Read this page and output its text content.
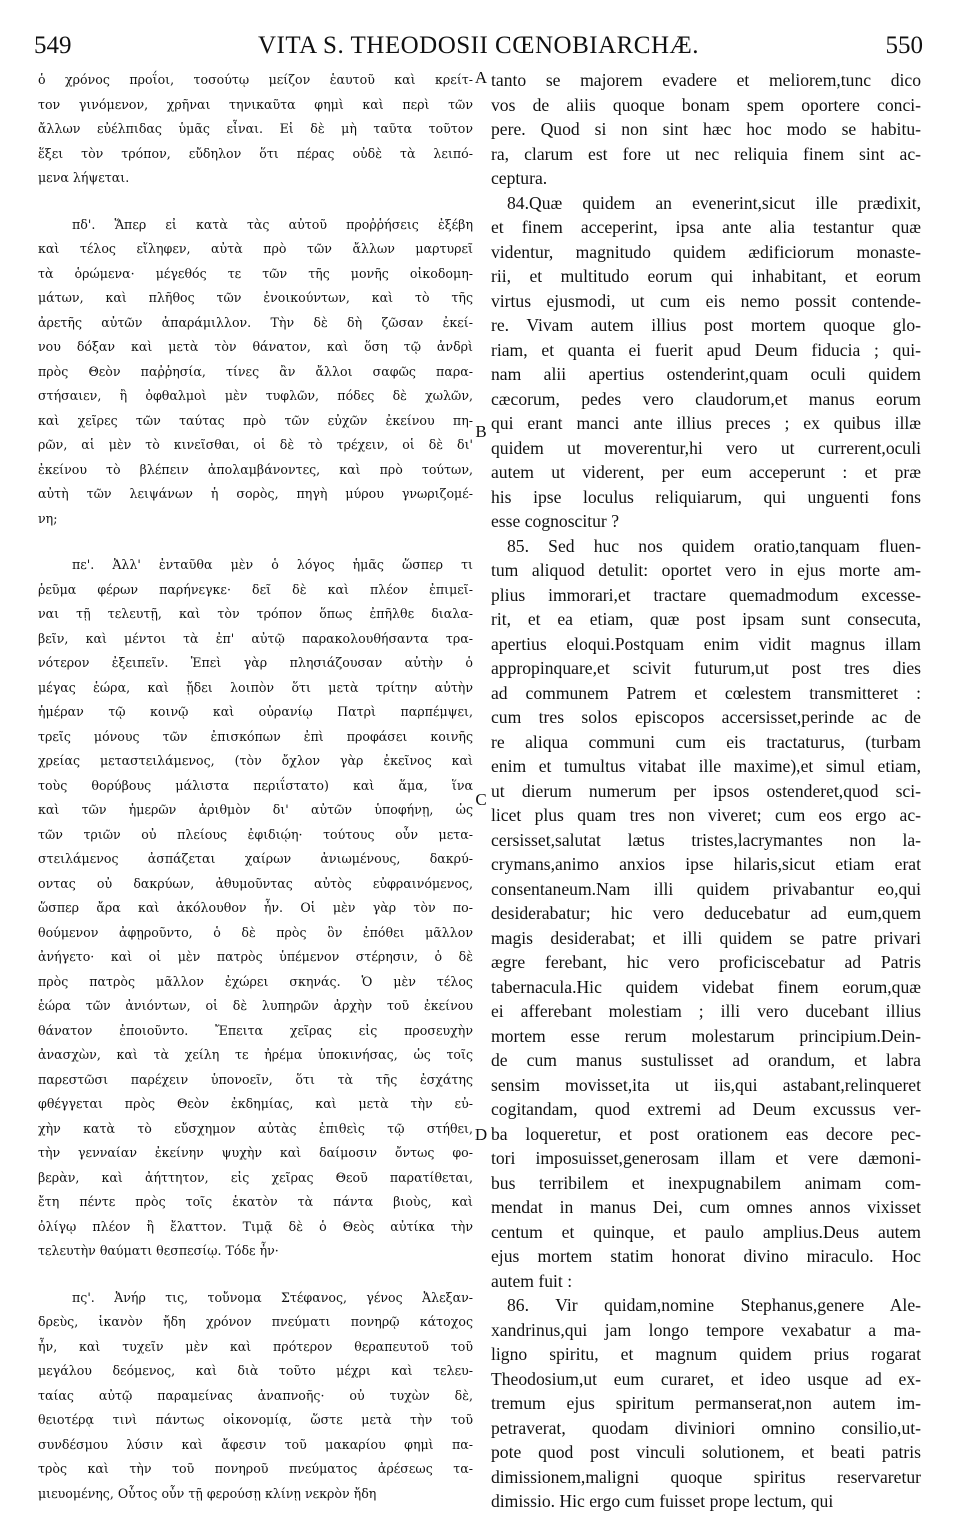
549	VITA S. THEODOSII CŒNOBIARCHÆ.	550
ὁ χρόνος προΐοι, τοσούτῳ μείζον ἑαυτοῦ καὶ κρείτ-
τον γινόμενον, χρῆναι τηνικαῦτα φημὶ καὶ περὶ τῶν
ἄλλων εὐέλπιδας ὑμᾶς εἶναι. Εἰ δὲ μὴ ταῦτα τοῦτον
ἕξει τὸν τρόπον, εὔδηλον ὅτι πέρας οὐδὲ τὰ λειπό-
μενα λήψεται.
πδ'. Ἅπερ εἰ κατὰ τὰς αὐτοῦ προῤῥήσεις ἐξέβη
καὶ τέλος εἴληφεν, αὐτὰ πρὸ τῶν ἄλλων μαρτυρεῖ
τὰ ὁρώμενα· μέγεθός τε τῶν τῆς μονῆς οἰκοδομη-
μάτων, καὶ πλῆθος τῶν ἐνοικούντων, καὶ τὸ τῆς
ἀρετῆς αὐτῶν ἀπαράμιλλον. Τὴν δὲ δὴ ζῶσαν ἐκεί-
νου δόξαν καὶ μετὰ τὸν θάνατον, καὶ ὅση τῷ ἀνδρὶ
πρὸς Θεὸν παῤῥησία, τίνες ἂν ἄλλοι σαφῶς παρα-
στήσαιεν, ἢ ὀφθαλμοὶ μὲν τυφλῶν, πόδες δὲ χωλῶν,
καὶ χεῖρες τῶν ταύτας πρὸ τῶν εὐχῶν ἐκείνου πη-
ρῶν, αἱ μὲν τὸ κινεῖσθαι, οἱ δὲ τὸ τρέχειν, οἱ δὲ δι'
ἐκείνου τὸ βλέπειν ἀπολαμβάνοντες, καὶ πρὸ τούτων,
αὐτὴ τῶν λειψάνων ἡ σορὸς, πηγὴ μύρου γνωριζομέ-
νη;
πε'. Ἀλλ' ἐνταῦθα μὲν ὁ λόγος ἡμᾶς ὥσπερ τι
ῥεῦμα φέρων παρήνεγκε· δεῖ δὲ καὶ πλέον ἐπιμεῖ-
ναι τῇ τελευτῇ, καὶ τὸν τρόπον ὅπως ἐπῆλθε διαλα-
βεῖν, καὶ μέντοι τὰ ἐπ' αὐτῷ παρακολουθήσαντα τρα-
νότερον ἐξειπεῖν. Ἐπεὶ γὰρ πλησιάζουσαν αὐτὴν ὁ
μέγας ἑώρα, καὶ ᾔδει λοιπὸν ὅτι μετὰ τρίτην αὐτὴν
ἡμέραν τῷ κοινῷ καὶ οὐρανίῳ Πατρὶ παρπέμψει,
τρεῖς μόνους τῶν ἐπισκόπων ἐπὶ προφάσει κοινῆς
χρείας μεταστειλάμενος, (τὸν ὄχλον γὰρ ἐκεῖνος καὶ
τοὺς θορύβους μάλιστα περιΐστατο) καὶ ἅμα, ἵνα
καὶ τῶν ἡμερῶν ἀριθμὸν δι' αὐτῶν ὑποφήνῃ, ὡς
τῶν τριῶν οὐ πλείους ἐφιδιῴη· τούτους οὖν μετα-
στειλάμενος ἀσπάζεται χαίρων ἀνιωμένους, δακρύ-
οντας οὐ δακρύων, ἀθυμοῦντας αὐτὸς εὐφραινόμενος,
ὥσπερ ἄρα καὶ ἀκόλουθον ἦν. Οἱ μὲν γὰρ τὸν πο-
θούμενον ἀφῃροῦντο, ὁ δὲ πρὸς ὃν ἐπόθει μᾶλλον
ἀνήγετο· καὶ οἱ μὲν πατρὸς ὑπέμενον στέρησιν, ὁ δὲ
πρὸς πατρὸς μᾶλλον ἐχώρει σκηνάς. Ὁ μὲν τέλος
ἑώρα τῶν ἀνιόντων, οἱ δὲ λυπηρῶν ἀρχὴν τοῦ ἐκείνου
θάνατον ἐποιοῦντο. Ἔπειτα χεῖρας εἰς προσευχὴν
ἀνασχὼν, καὶ τὰ χείλη τε ἠρέμα ὑποκινήσας, ὡς τοῖς
παρεστῶσι παρέχειν ὑπονοεῖν, ὅτι τὰ τῆς ἐσχάτης
φθέγγεται πρὸς Θεὸν ἐκδημίας, καὶ μετὰ τὴν εὐ-
χὴν κατὰ τὸ εὔσχημον αὐτὰς ἐπιθεὶς τῷ στήθει,
τὴν γενναίαν ἐκείνην ψυχὴν καὶ δαίμοσιν ὄντως φο-
βερὰν, καὶ ἀήττητον, εἰς χεῖρας Θεοῦ παρατίθεται,
ἔτη πέντε πρὸς τοῖς ἑκατὸν τὰ πάντα βιοὺς, καὶ
ὀλίγῳ πλέον ἢ ἔλαττον. Τιμᾷ δὲ ὁ Θεὸς αὐτίκα τὴν
τελευτὴν θαύματι θεσπεσίῳ. Τόδε ἦν·
πς'. Ἀνήρ τις, τοὔνομα Στέφανος, γένος Ἀλεξαν-
δρεὺς, ἱκανὸν ἤδη χρόνον πνεύματι πονηρῷ κάτοχος
ἦν, καὶ τυχεῖν μὲν καὶ πρότερον θεραπευτοῦ τοῦ
μεγάλου δεόμενος, καὶ διὰ τοῦτο μέχρι καὶ τελευ-
ταίας αὐτῷ παραμείνας ἀναπνοῆς· οὐ τυχὼν δὲ,
θειοτέρᾳ τινὶ πάντως οἰκονομίᾳ, ὥστε μετὰ τὴν τοῦ
συνδέσμου λύσιν καὶ ἄφεσιν τοῦ μακαρίου φημὶ πα-
τρὸς καὶ τὴν τοῦ πονηροῦ πνεύματος ἀρέσεως τα-
μιευομένης, Οὗτος οὖν τῇ φερούσῃ κλίνῃ νεκρὸν ἤδη
tanto se majorem evadere et meliorem,tunc dico
vos de aliis quoque bonam spem oportere conci-
pere. Quod si non sint hæc hoc modo se habitu-
ra, clarum est fore ut nec reliquia finem sint ac-
ceptura.
84.Quæ quidem an evenerint,sicut ille prædixit,
et finem acceperint, ipsa ante alia testantur quæ
videntur, magnitudo quidem ædificiorum monaste-
rii, et multitudo eorum qui inhabitant, et eorum
virtus ejusmodi, ut cum eis nemo possit contende-
re. Vivam autem illius post mortem quoque glo-
riam, et quanta ei fuerit apud Deum fiducia ; qui-
nam alii apertius ostenderint,quam oculi quidem
cæcorum, pedes vero claudorum,et manus eorum
qui erant manci ante illius preces ; ex quibus illæ
quidem ut moverentur,hi vero ut currerent,oculi
autem ut viderent, per eum acceperunt : et præ
his ipse loculus reliquiarum, qui unguenti fons
esse cognoscitur ?
85. Sed huc nos quidem oratio,tanquam fluen-
tum aliquod detulit: oportet vero in ejus morte am-
plius immorari,et tractare quemadmodum excesse-
rit, et ea etiam, quæ post ipsam sunt consecuta,
apertius eloqui.Postquam enim vidit magnus illam
appropinquare,et scivit futurum,ut post tres dies
ad communem Patrem et cœlestem transmitteret :
cum tres solos episcopos accersisset,perinde ac de
re aliqua communi cum eis tractaturus, (turbam
enim et tumultus vitabat ille maxime),et simul etiam,
ut dierum numerum per ipsos ostenderet,quod sci-
licet plus quam tres non viveret; cum eos ergo ac-
cersisset,salutat lætus tristes,lacrymantes non la-
crymans,animo anxios ipse hilaris,sicut etiam erat
consentaneum.Nam illi quidem privabantur eo,qui
desiderabatur; hic vero deducebatur ad eum,quem
magis desiderabat; et illi quidem se patre privari
ægre ferebant, hic vero proficiscebatur ad Patris
tabernacula.Hic quidem videbat finem eorum,quæ
ei afferebant molestiam ; illi vero ducebant illius
mortem esse rerum molestarum principium.Dein-
de cum manus sustulisset ad orandum, et labra
sensim movisset,ita ut iis,qui astabant,relinqueret
cogitandam, quod extremi ad Deum excussus ver-
ba loqueretur, et post orationem eas decore pec-
tori imposuisset,generosam illam et vere dæmoni-
bus terribilem et inexpugnabilem animam com-
mendat in manus Dei, cum omnes annos vixisset
centum et quinque, et paulo amplius.Deus autem
ejus mortem statim honorat divino miraculo. Hoc
autem fuit :
86. Vir quidam,nomine Stephanus,genere Ale-
xandrinus,qui jam longo tempore vexabatur a ma-
ligno spiritu, et magnum quidem prius rogarat
Theodosium,ut eum curaret, et ideo usque ad ex-
tremum ejus spiritum permanserat,non autem im-
petraverat, quodam diviniori omnino consilio,ut-
pote quod post vinculi solutionem, et beati patris
dimissionem,maligni quoque spiritus reservaretur
dimissio. Hic ergo cum fuisset prope lectum, qui
A
B
C
D
